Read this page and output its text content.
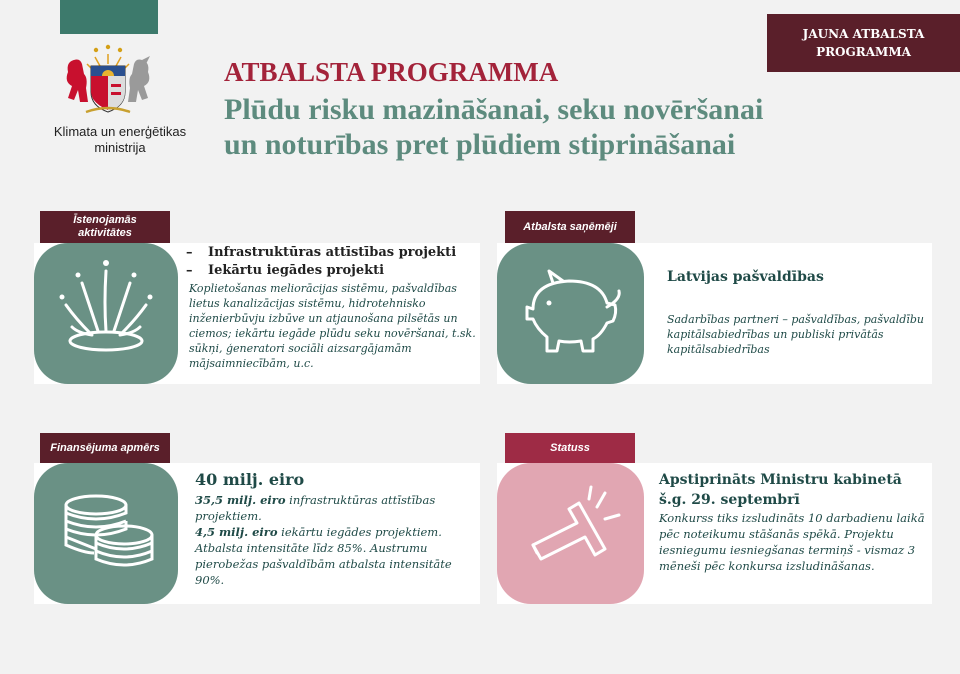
Klimata un enerģētikas
ministrija
JAUNA ATBALSTA
PROGRAMMA
ATBALSTA PROGRAMMA
Plūdu risku mazināšanai, seku novēršanai
un noturības pret plūdiem stiprināšanai
Īstenojamās
aktivitātes
– Infrastruktūras attīstības projekti
– Iekārtu iegādes projekti
Koplietošanas meliorācijas sistēmu, pašvaldības lietus kanalizācijas sistēmu, hidrotehnisko inženierbūvju izbūve un atjaunošana pilsētās un ciemos; iekārtu iegāde plūdu seku novēršanai, t.sk. sūkņi, ģeneratori sociāli aizsargājamām mājsaimniecībām, u.c.
Atbalsta saņēmēji
Latvijas pašvaldības
Sadarbības partneri – pašvaldības, pašvaldību kapitālsabiedrības un publiski privātās kapitālsabiedrības
Finansējuma apmērs
40 milj. eiro
35,5 milj. eiro infrastruktūras attīstības projektiem.
4,5 milj. eiro iekārtu iegādes projektiem.
Atbalsta intensitāte līdz 85%. Austrumu pierobežas pašvaldībām atbalsta intensitāte 90%.
Statuss
Apstiprināts Ministru kabinetā
š.g. 29. septembrī
Konkurss tiks izsludināts 10 darbadienu laikā pēc noteikumu stāšanās spēkā. Projektu iesniegumu iesniegšanas termiņš - vismaz 3 mēneši pēc konkursa izsludināšanas.
